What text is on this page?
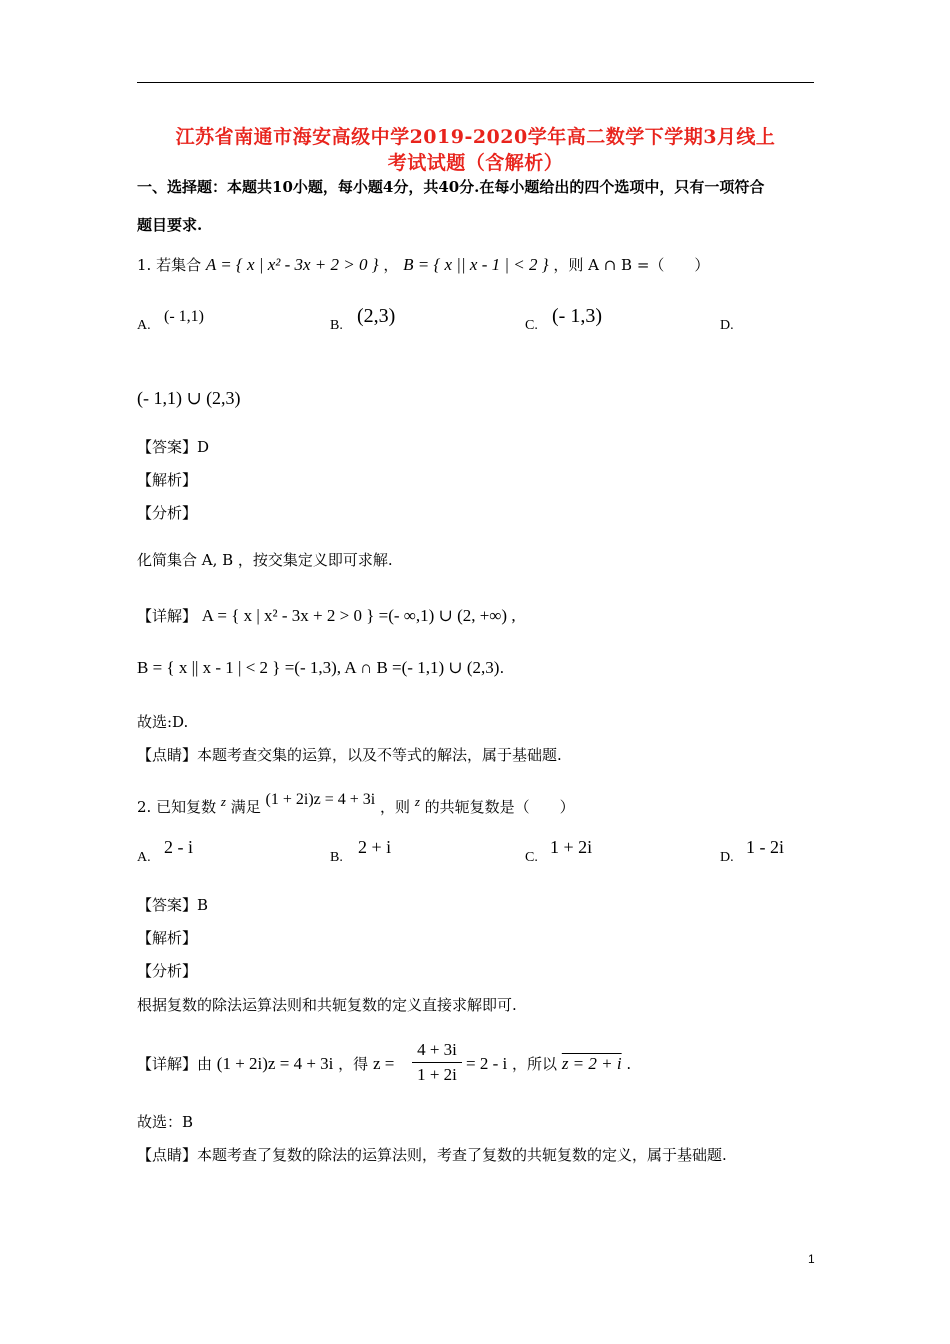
江苏省南通市海安高级中学2019-2020学年高二数学下学期3月线上
考试试题（含解析）
一、选择题：本题共10小题，每小题4分，共40分.在每小题给出的四个选项中，只有一项符合
题目要求.
1. 若集合 A = { x | x² - 3x + 2 > 0 } ， B = { x || x - 1 | < 2 } ，则 A ∩ B =（　　）
A.
(- 1,1)
B. (2,3)	C. (- 1,3)	D.
(- 1,1) ∪ (2,3)
【答案】D
【解析】
【分析】
化简集合 A, B ，按交集定义即可求解.
【详解】 A = { x | x² - 3x + 2 > 0 } =(- ∞,1) ∪ (2, +∞) ,
B = { x || x - 1 | < 2 } =(- 1,3), A ∩ B =(- 1,1) ∪ (2,3).
故选:D.
【点睛】本题考查交集的运算，以及不等式的解法，属于基础题.
2. 已知复数 z 满足 (1 + 2i)z = 4 + 3i ，则 z 的共轭复数是（　　）
A.
2 - i
B.
2 + i
C.
1 + 2i
D.
1 - 2i
【答案】B
【解析】
【分析】
根据复数的除法运算法则和共轭复数的定义直接求解即可.
【详解】由 (1 + 2i)z = 4 + 3i ，得 z =
4 + 3i
1 + 2i
= 2 - i ，所以 z = 2 + i .
故选：B
【点睛】本题考查了复数的除法的运算法则，考查了复数的共轭复数的定义，属于基础题.
1
